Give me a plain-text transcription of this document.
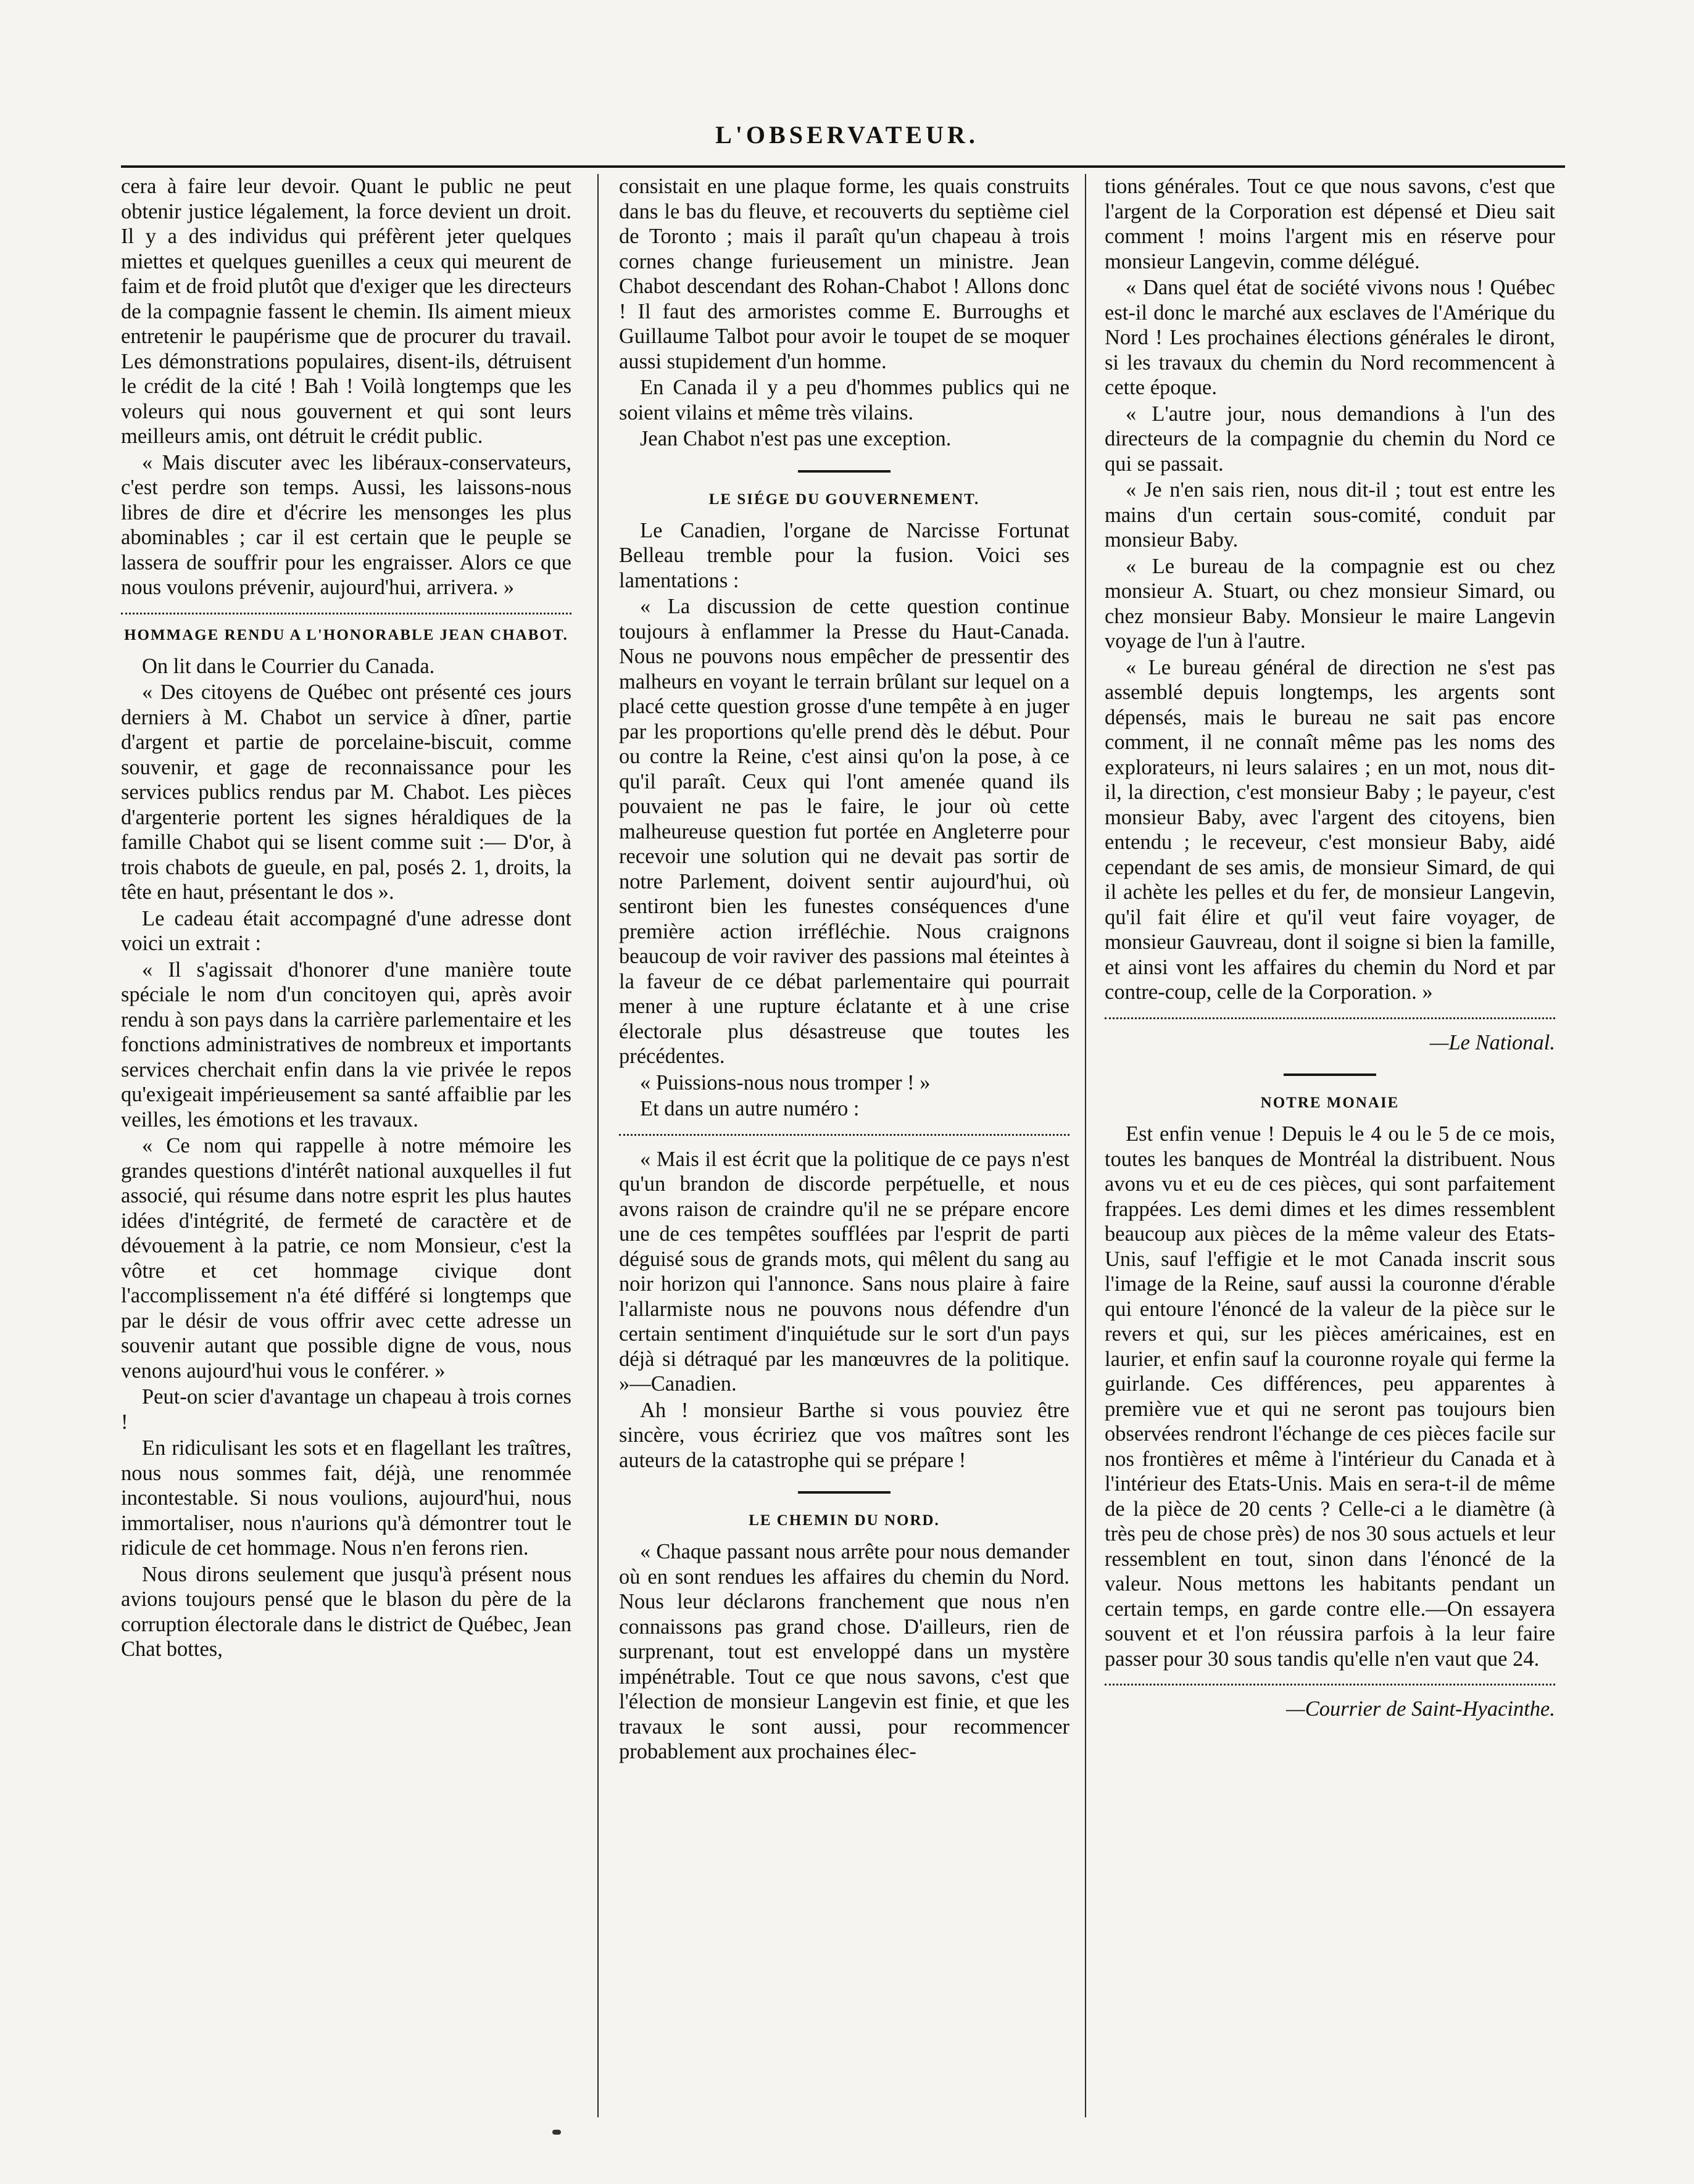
L'OBSERVATEUR.

cera à faire leur devoir. Quant le public ne peut obtenir justice légalement, la force devient un droit. Il y a des individus qui préfèrent jeter quelques miettes et quelques guenilles a ceux qui meurent de faim et de froid plutôt que d'exiger que les directeurs de la compagnie fassent le chemin. Ils aiment mieux entretenir le paupérisme que de procurer du travail. Les démonstrations populaires, disent-ils, détruisent le crédit de la cité ! Bah ! Voilà longtemps que les voleurs qui nous gouvernent et qui sont leurs meilleurs amis, ont détruit le crédit public.

« Mais discuter avec les libéraux-conservateurs, c'est perdre son temps. Aussi, les laissons-nous libres de dire et d'écrire les mensonges les plus abominables ; car il est certain que le peuple se lassera de souffrir pour les engraisser. Alors ce que nous voulons prévenir, aujourd'hui, arrivera. »

HOMMAGE RENDU A L'HONORABLE JEAN CHABOT.

On lit dans le Courrier du Canada.

« Des citoyens de Québec ont présenté ces jours derniers à M. Chabot un service à dîner, partie d'argent et partie de porcelaine-biscuit, comme souvenir, et gage de reconnaissance pour les services publics rendus par M. Chabot. Les pièces d'argenterie portent les signes héraldiques de la famille Chabot qui se lisent comme suit :— D'or, à trois chabots de gueule, en pal, posés 2. 1, droits, la tête en haut, présentant le dos ».

Le cadeau était accompagné d'une adresse dont voici un extrait :

« Il s'agissait d'honorer d'une manière toute spéciale le nom d'un concitoyen qui, après avoir rendu à son pays dans la carrière parlementaire et les fonctions administratives de nombreux et importants services cherchait enfin dans la vie privée le repos qu'exigeait impérieusement sa santé affaiblie par les veilles, les émotions et les travaux.

« Ce nom qui rappelle à notre mémoire les grandes questions d'intérêt national auxquelles il fut associé, qui résume dans notre esprit les plus hautes idées d'intégrité, de fermeté de caractère et de dévouement à la patrie, ce nom Monsieur, c'est la vôtre et cet hommage civique dont l'accomplissement n'a été différé si longtemps que par le désir de vous offrir avec cette adresse un souvenir autant que possible digne de vous, nous venons aujourd'hui vous le conférer. »

Peut-on scier d'avantage un chapeau à trois cornes !

En ridiculisant les sots et en flagellant les traîtres, nous nous sommes fait, déjà, une renommée incontestable. Si nous voulions, aujourd'hui, nous immortaliser, nous n'aurions qu'à démontrer tout le ridicule de cet hommage. Nous n'en ferons rien.

Nous dirons seulement que jusqu'à présent nous avions toujours pensé que le blason du père de la corruption électorale dans le district de Québec, Jean Chat bottes,

consistait en une plaque forme, les quais construits dans le bas du fleuve, et recouverts du septième ciel de Toronto ; mais il paraît qu'un chapeau à trois cornes change furieusement un ministre. Jean Chabot descendant des Rohan-Chabot ! Allons donc ! Il faut des armoristes comme E. Burroughs et Guillaume Talbot pour avoir le toupet de se moquer aussi stupidement d'un homme.

En Canada il y a peu d'hommes publics qui ne soient vilains et même très vilains.

Jean Chabot n'est pas une exception.

LE SIÉGE DU GOUVERNEMENT.

Le Canadien, l'organe de Narcisse Fortunat Belleau tremble pour la fusion. Voici ses lamentations :

« La discussion de cette question continue toujours à enflammer la Presse du Haut-Canada. Nous ne pouvons nous empêcher de pressentir des malheurs en voyant le terrain brûlant sur lequel on a placé cette question grosse d'une tempête à en juger par les proportions qu'elle prend dès le début. Pour ou contre la Reine, c'est ainsi qu'on la pose, à ce qu'il paraît. Ceux qui l'ont amenée quand ils pouvaient ne pas le faire, le jour où cette malheureuse question fut portée en Angleterre pour recevoir une solution qui ne devait pas sortir de notre Parlement, doivent sentir aujourd'hui, où sentiront bien les funestes conséquences d'une première action irréfléchie. Nous craignons beaucoup de voir raviver des passions mal éteintes à la faveur de ce débat parlementaire qui pourrait mener à une rupture éclatante et à une crise électorale plus désastreuse que toutes les précédentes.

« Puissions-nous nous tromper ! »

Et dans un autre numéro :

« Mais il est écrit que la politique de ce pays n'est qu'un brandon de discorde perpétuelle, et nous avons raison de craindre qu'il ne se prépare encore une de ces tempêtes soufflées par l'esprit de parti déguisé sous de grands mots, qui mêlent du sang au noir horizon qui l'annonce. Sans nous plaire à faire l'allarmiste nous ne pouvons nous défendre d'un certain sentiment d'inquiétude sur le sort d'un pays déjà si détraqué par les manœuvres de la politique. »—Canadien.

Ah ! monsieur Barthe si vous pouviez être sincère, vous écririez que vos maîtres sont les auteurs de la catastrophe qui se prépare !

LE CHEMIN DU NORD.

« Chaque passant nous arrête pour nous demander où en sont rendues les affaires du chemin du Nord. Nous leur déclarons franchement que nous n'en connaissons pas grand chose. D'ailleurs, rien de surprenant, tout est enveloppé dans un mystère impénétrable. Tout ce que nous savons, c'est que l'élection de monsieur Langevin est finie, et que les travaux le sont aussi, pour recommencer probablement aux prochaines élec-

tions générales. Tout ce que nous savons, c'est que l'argent de la Corporation est dépensé et Dieu sait comment ! moins l'argent mis en réserve pour monsieur Langevin, comme délégué.

« Dans quel état de société vivons nous ! Québec est-il donc le marché aux esclaves de l'Amérique du Nord ! Les prochaines élections générales le diront, si les travaux du chemin du Nord recommencent à cette époque.

« L'autre jour, nous demandions à l'un des directeurs de la compagnie du chemin du Nord ce qui se passait.

« Je n'en sais rien, nous dit-il ; tout est entre les mains d'un certain sous-comité, conduit par monsieur Baby.

« Le bureau de la compagnie est ou chez monsieur A. Stuart, ou chez monsieur Simard, ou chez monsieur Baby. Monsieur le maire Langevin voyage de l'un à l'autre.

« Le bureau général de direction ne s'est pas assemblé depuis longtemps, les argents sont dépensés, mais le bureau ne sait pas encore comment, il ne connaît même pas les noms des explorateurs, ni leurs salaires ; en un mot, nous dit-il, la direction, c'est monsieur Baby ; le payeur, c'est monsieur Baby, avec l'argent des citoyens, bien entendu ; le receveur, c'est monsieur Baby, aidé cependant de ses amis, de monsieur Simard, de qui il achète les pelles et du fer, de monsieur Langevin, qu'il fait élire et qu'il veut faire voyager, de monsieur Gauvreau, dont il soigne si bien la famille, et ainsi vont les affaires du chemin du Nord et par contre-coup, celle de la Corporation. »

—Le National.

NOTRE MONAIE

Est enfin venue ! Depuis le 4 ou le 5 de ce mois, toutes les banques de Montréal la distribuent. Nous avons vu et eu de ces pièces, qui sont parfaitement frappées. Les demi dimes et les dimes ressemblent beaucoup aux pièces de la même valeur des Etats-Unis, sauf l'effigie et le mot Canada inscrit sous l'image de la Reine, sauf aussi la couronne d'érable qui entoure l'énoncé de la valeur de la pièce sur le revers et qui, sur les pièces américaines, est en laurier, et enfin sauf la couronne royale qui ferme la guirlande. Ces différences, peu apparentes à première vue et qui ne seront pas toujours bien observées rendront l'échange de ces pièces facile sur nos frontières et même à l'intérieur du Canada et à l'intérieur des Etats-Unis. Mais en sera-t-il de même de la pièce de 20 cents ? Celle-ci a le diamètre (à très peu de chose près) de nos 30 sous actuels et leur ressemblent en tout, sinon dans l'énoncé de la valeur. Nous mettons les habitants pendant un certain temps, en garde contre elle.—On essayera souvent et et l'on réussira parfois à la leur faire passer pour 30 sous tandis qu'elle n'en vaut que 24.

—Courrier de Saint-Hyacinthe.
